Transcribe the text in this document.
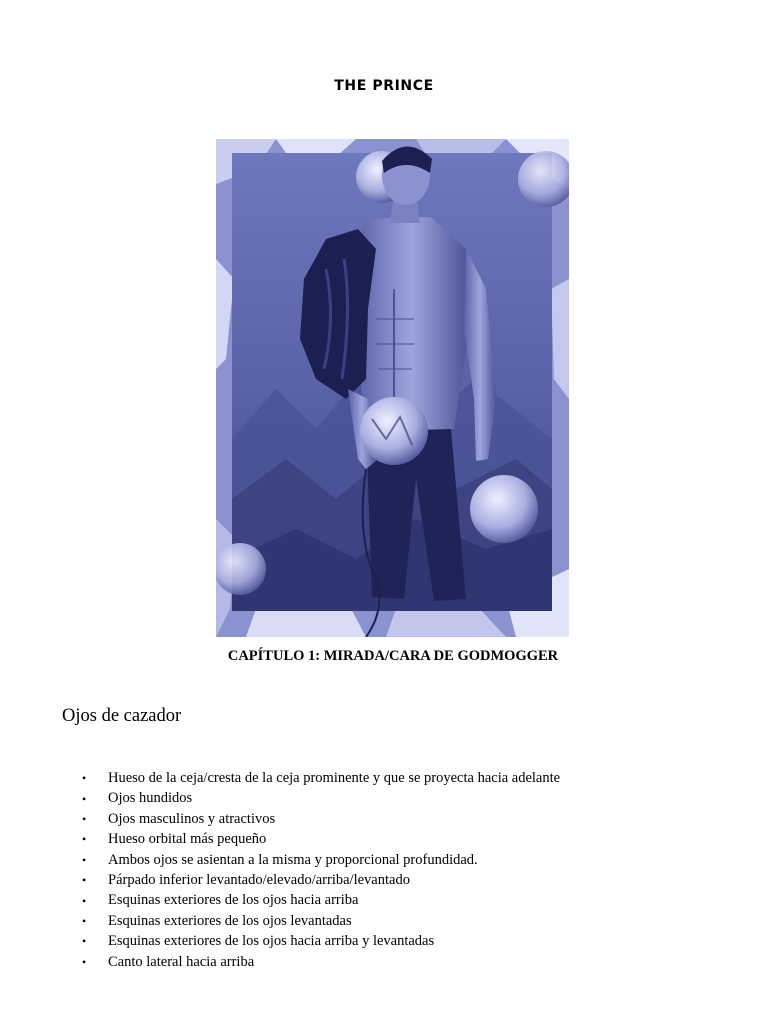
THE PRINCE
CAPÍTULO 1: MIRADA/CARA DE GODMOGGER
Ojos de cazador
•	Hueso de la ceja/cresta de la ceja prominente y que se proyecta hacia adelante
•	Ojos hundidos
•	Ojos masculinos y atractivos
•	Hueso orbital más pequeño
•	Ambos ojos se asientan a la misma y proporcional profundidad.
•	Párpado inferior levantado/elevado/arriba/levantado
•	Esquinas exteriores de los ojos hacia arriba
•	Esquinas exteriores de los ojos levantadas
•	Esquinas exteriores de los ojos hacia arriba y levantadas
•	Canto lateral hacia arriba
